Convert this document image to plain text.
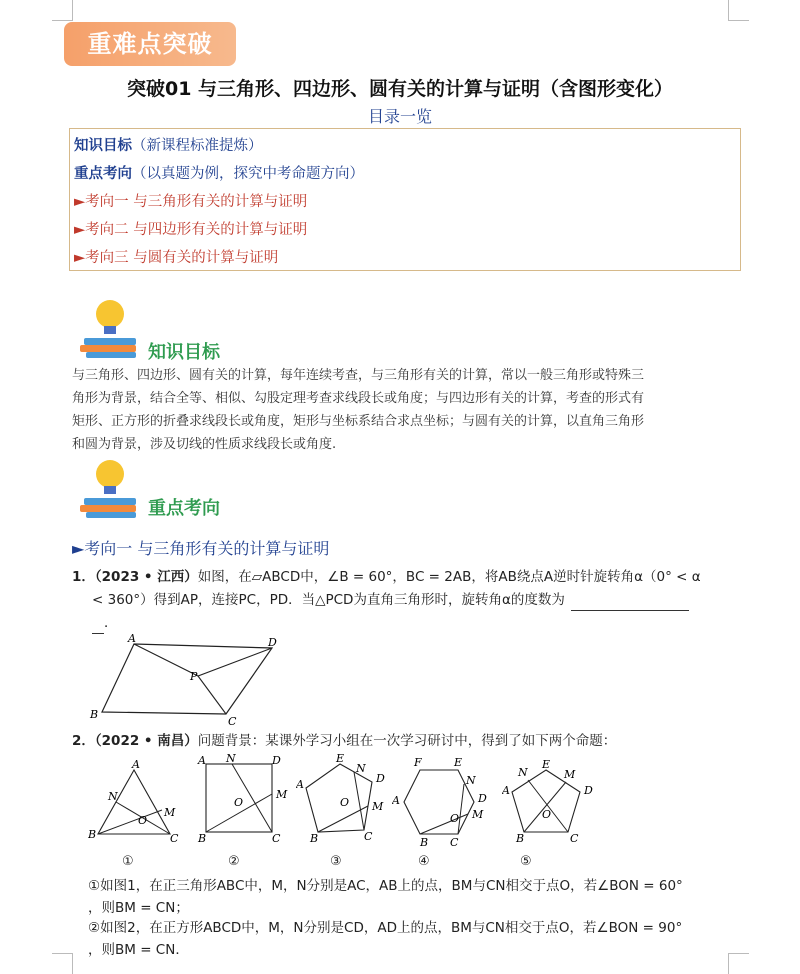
重难点突破
突破01 与三角形、四边形、圆有关的计算与证明（含图形变化）
目录一览
知识目标（新课程标准提炼）
重点考向（以真题为例，探究中考命题方向）
►考向一 与三角形有关的计算与证明
►考向二 与四边形有关的计算与证明
►考向三 与圆有关的计算与证明
知识目标
与三角形、四边形、圆有关的计算，每年连续考查，与三角形有关的计算，常以一般三角形或特殊三
角形为背景，结合全等、相似、勾股定理考查求线段长或角度；与四边形有关的计算，考查的形式有
矩形、正方形的折叠求线段长或角度，矩形与坐标系结合求点坐标；与圆有关的计算，以直角三角形
和圆为背景，涉及切线的性质求线段长或角度.
重点考向
►考向一 与三角形有关的计算与证明
1．（2023 • 江西）如图，在▱ABCD中，∠B = 60°，BC = 2AB，将AB绕点A逆时针旋转角α（0° < α
< 360°）得到AP，连接PC，PD．当△PCD为直角三角形时，旋转角α的度数为
．
A
B
C
D
P
2．（2022 • 南昌）问题背景：某课外学习小组在一次学习研讨中，得到了如下两个命题：
A
B	C
N
M
O
A N	D
M
B	C
O
E
N
D
A
M
B	C
O
F	E
N
A	D
M
B C
O
N
E
M
A	D
O
B	C
①	②	③	④	⑤
①如图1，在正三角形ABC中，M，N分别是AC，AB上的点，BM与CN相交于点O，若∠BON = 60°
，则BM = CN；
②如图2，在正方形ABCD中，M，N分别是CD，AD上的点，BM与CN相交于点O，若∠BON = 90°
，则BM = CN．
